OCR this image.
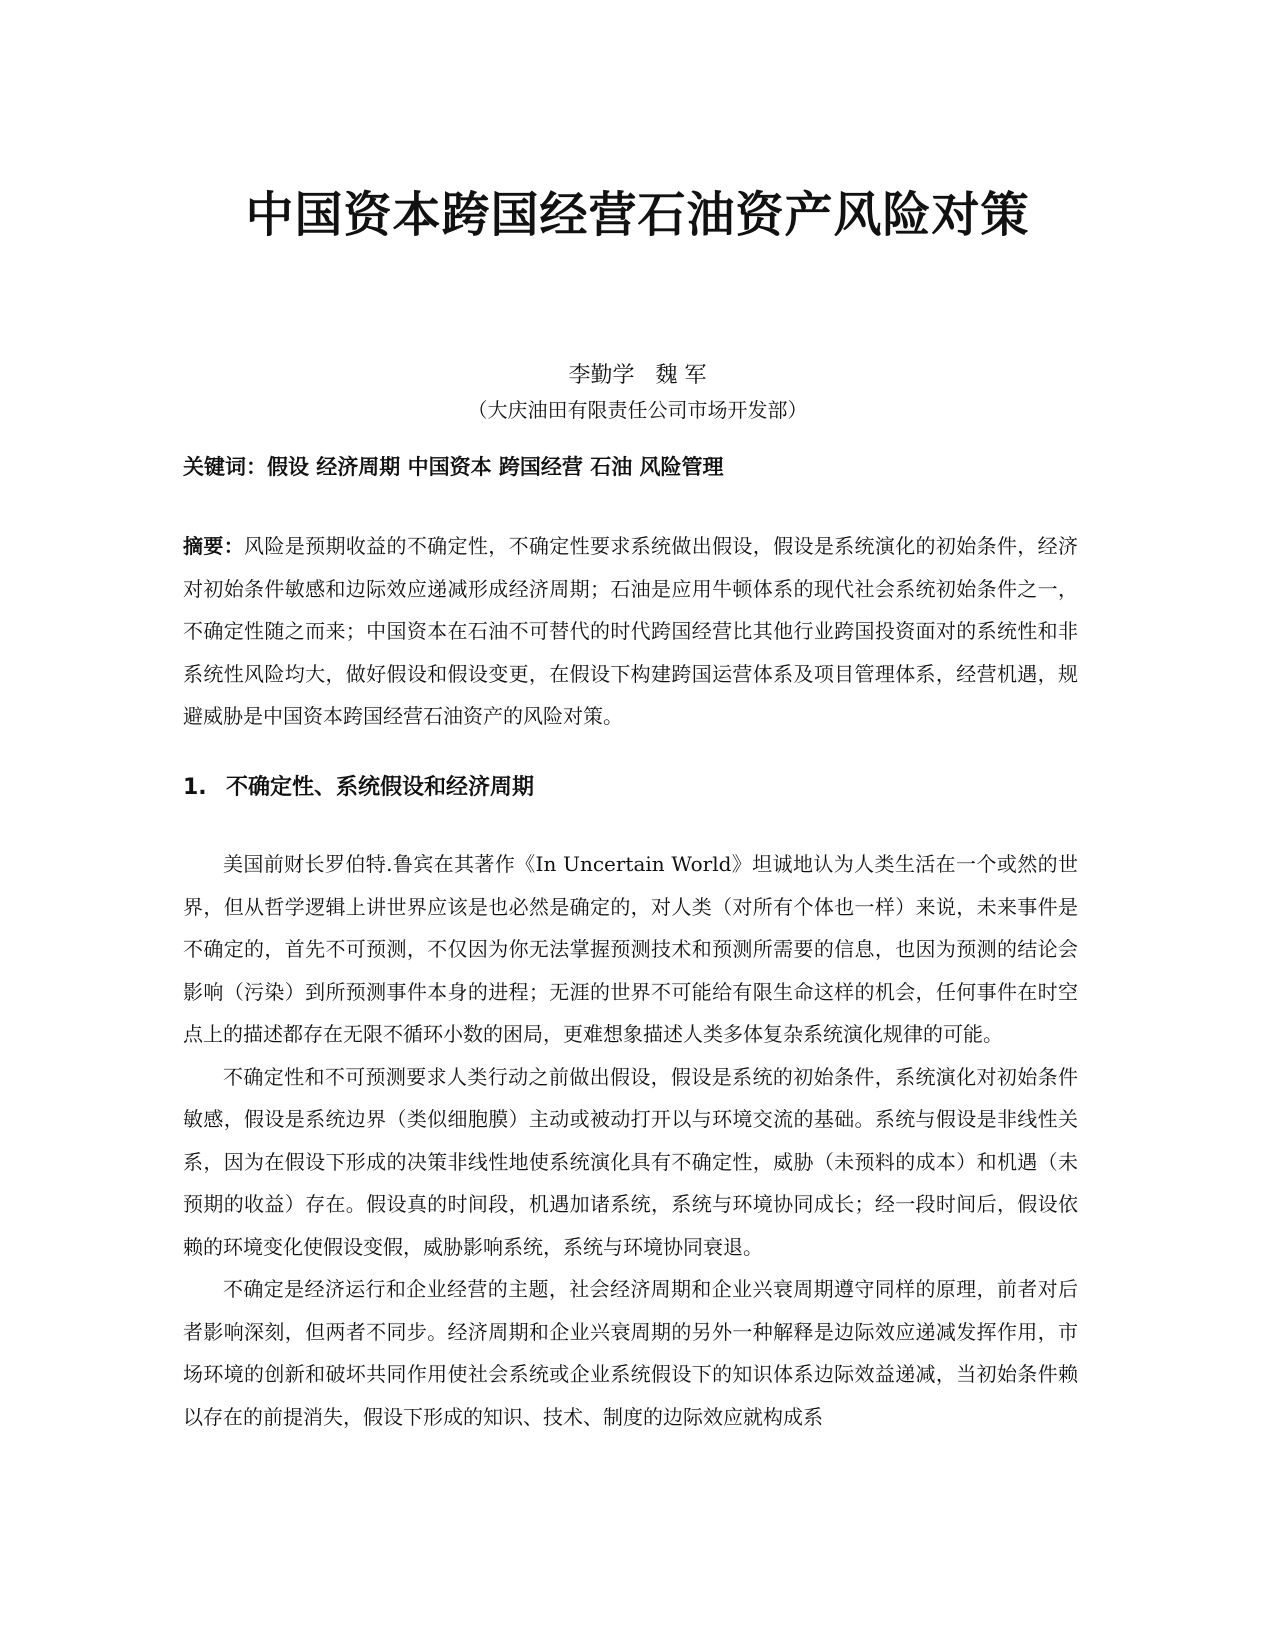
中国资本跨国经营石油资产风险对策
李勤学   魏 军
（大庆油田有限责任公司市场开发部）
关键词：假设 经济周期 中国资本 跨国经营 石油 风险管理
摘要：风险是预期收益的不确定性，不确定性要求系统做出假设，假设是系统演化的初始条件，经济对初始条件敏感和边际效应递减形成经济周期；石油是应用牛顿体系的现代社会系统初始条件之一，不确定性随之而来；中国资本在石油不可替代的时代跨国经营比其他行业跨国投资面对的系统性和非系统性风险均大，做好假设和假设变更，在假设下构建跨国运营体系及项目管理体系，经营机遇，规避威胁是中国资本跨国经营石油资产的风险对策。
1. 不确定性、系统假设和经济周期

美国前财长罗伯特.鲁宾在其著作《In Uncertain World》坦诚地认为人类生活在一个或然的世界，但从哲学逻辑上讲世界应该是也必然是确定的，对人类（对所有个体也一样）来说，未来事件是不确定的，首先不可预测，不仅因为你无法掌握预测技术和预测所需要的信息，也因为预测的结论会影响（污染）到所预测事件本身的进程；无涯的世界不可能给有限生命这样的机会，任何事件在时空点上的描述都存在无限不循环小数的困局，更难想象描述人类多体复杂系统演化规律的可能。

不确定性和不可预测要求人类行动之前做出假设，假设是系统的初始条件，系统演化对初始条件敏感，假设是系统边界（类似细胞膜）主动或被动打开以与环境交流的基础。系统与假设是非线性关系，因为在假设下形成的决策非线性地使系统演化具有不确定性，威胁（未预料的成本）和机遇（未预期的收益）存在。假设真的时间段，机遇加诸系统，系统与环境协同成长；经一段时间后，假设依赖的环境变化使假设变假，威胁影响系统，系统与环境协同衰退。

不确定是经济运行和企业经营的主题，社会经济周期和企业兴衰周期遵守同样的原理，前者对后者影响深刻，但两者不同步。经济周期和企业兴衰周期的另外一种解释是边际效应递减发挥作用，市场环境的创新和破坏共同作用使社会系统或企业系统假设下的知识体系边际效益递减，当初始条件赖以存在的前提消失，假设下形成的知识、技术、制度的边际效应就构成系
